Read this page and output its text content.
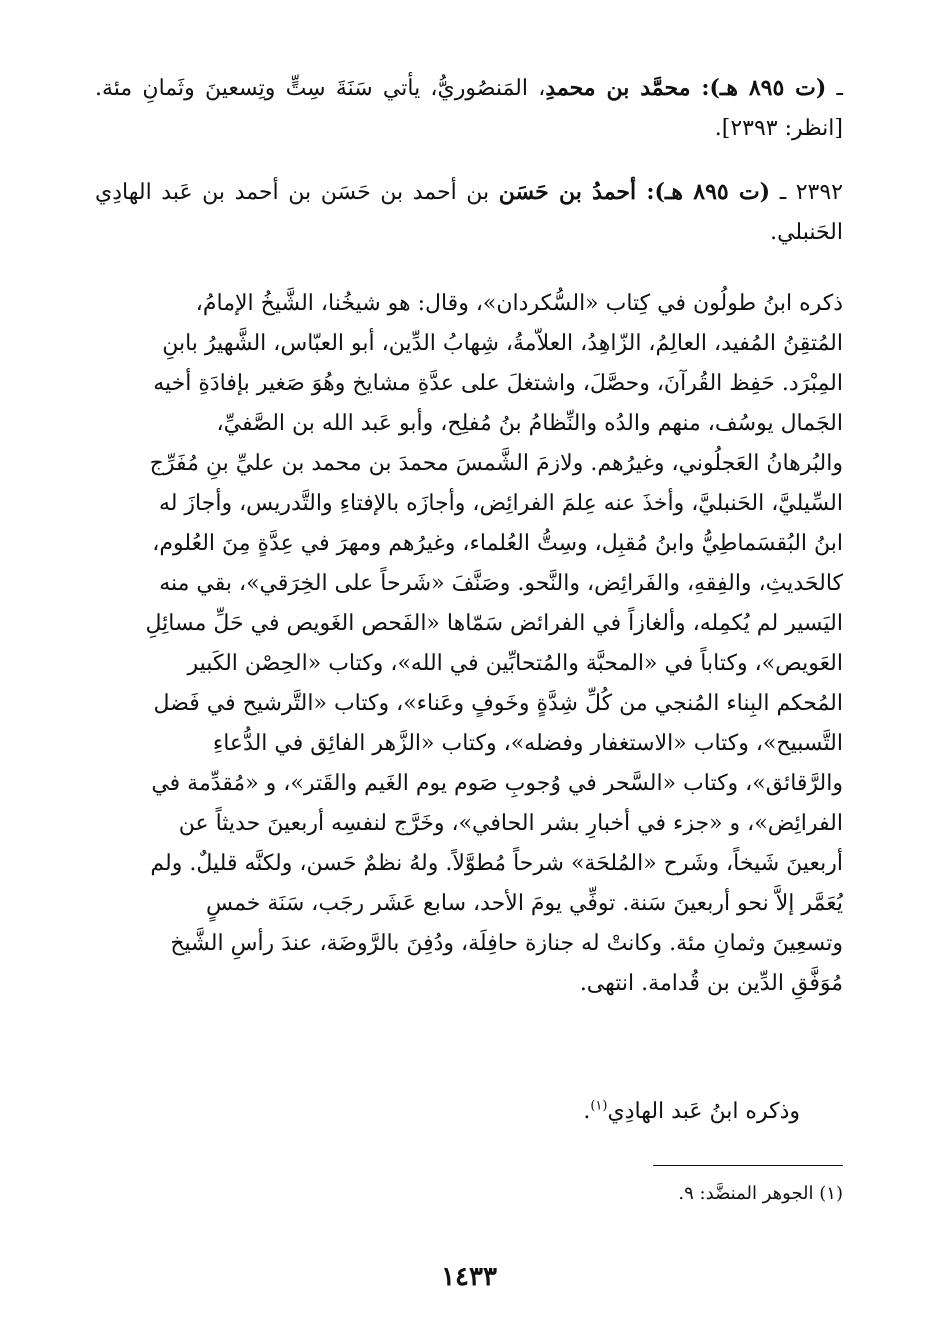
ـ (ت ٨٩٥ هـ): محمَّد بن محمدِ، المَنصُوريُّ، يأتي سَنَةَ سِتٍّ وتِسعينَ وثَمانِ مئة. [انظر: ٢٣٩٣].
٢٣٩٢ ـ (ت ٨٩٥ هـ): أحمدُ بن حَسَن بن أحمد بن حَسَن بن أحمد بن عَبد الهادِي الحَنبلي.
ذكره ابنُ طولُون في كِتاب «السُّكردان»، وقال: هو شيخُنا، الشَّيخُ الإمامُ،
المُتقِنُ المُفيد، العالِمُ، الزّاهِدُ، العلاّمةُ، شِهابُ الدِّين، أبو العبّاس، الشَّهيرُ بابنِ
المِبْرَد. حَفِظ القُرآنَ، وحصَّلَ، واشتغلَ على عدَّةِ مشايخ وهُوَ صَغير بإفادَةِ أخيه
الجَمال يوسُف، منهم والدُه والنِّظامُ بنُ مُفلِح، وأبو عَبد الله بن الصَّفيِّ،
والبُرهانُ العَجلُوني، وغيرُهم. ولازمَ الشَّمسَ محمدَ بن محمد بن عليِّ بنِ مُفَرِّج
السِّيليَّ، الحَنبليَّ، وأخذَ عنه عِلمَ الفرائِض، وأجازَه بالإفتاءِ والتَّدريس، وأجازَ له
ابنُ البُقسَماطِيُّ وابنُ مُقبِل، وسِتُّ العُلماء، وغيرُهم ومهرَ في عِدَّةٍ مِنَ العُلوم،
كالحَديثِ، والفِقهِ، والفَرائِض، والنَّحو. وصَنَّفَ «شَرحاً على الخِرَقي»، بقي منه
اليَسير لم يُكمِله، وألغازاً في الفرائض سَمّاها «الفَحص الغَويص في حَلِّ مسائِلِ
العَويص»، وكتاباً في «المحبَّة والمُتحابِّين في الله»، وكتاب «الحِصْن الكَبير
المُحكم البِناء المُنجي من كُلِّ شِدَّةٍ وخَوفٍ وعَناء»، وكتاب «التَّرشيح في فَضل
التَّسبيح»، وكتاب «الاستغفار وفضله»، وكتاب «الزَّهر الفائِق في الدُّعاءِ
والرَّقائق»، وكتاب «السَّحر في وُجوبِ صَوم يوم الغَيم والقَتر»، و «مُقدِّمة في
الفرائِض»، و «جزء في أخبارِ بشر الحافي»، وخَرَّج لنفسِه أربعينَ حديثاً عن
أربعينَ شَيخاً، وشَرح «المُلحَة» شرحاً مُطوَّلاً. ولهُ نظمٌ حَسن، ولكنَّه قليلٌ. ولم
يُعَمَّر إلاَّ نحو أربعينَ سَنة. توفِّي يومَ الأحد، سابع عَشَر رجَب، سَنَة خمسٍ
وتسعِينَ وثمانِ مئة. وكانتْ له جنازة حافِلَة، ودُفِنَ بالرَّوضَة، عندَ رأسِ الشَّيخ
مُوَفَّقِ الدِّين بن قُدامة. انتهى.
وذكره ابنُ عَبد الهادِي$^{(١)}$.
(١) الجوهر المنضَّد: ٩.
١٤٣٣
